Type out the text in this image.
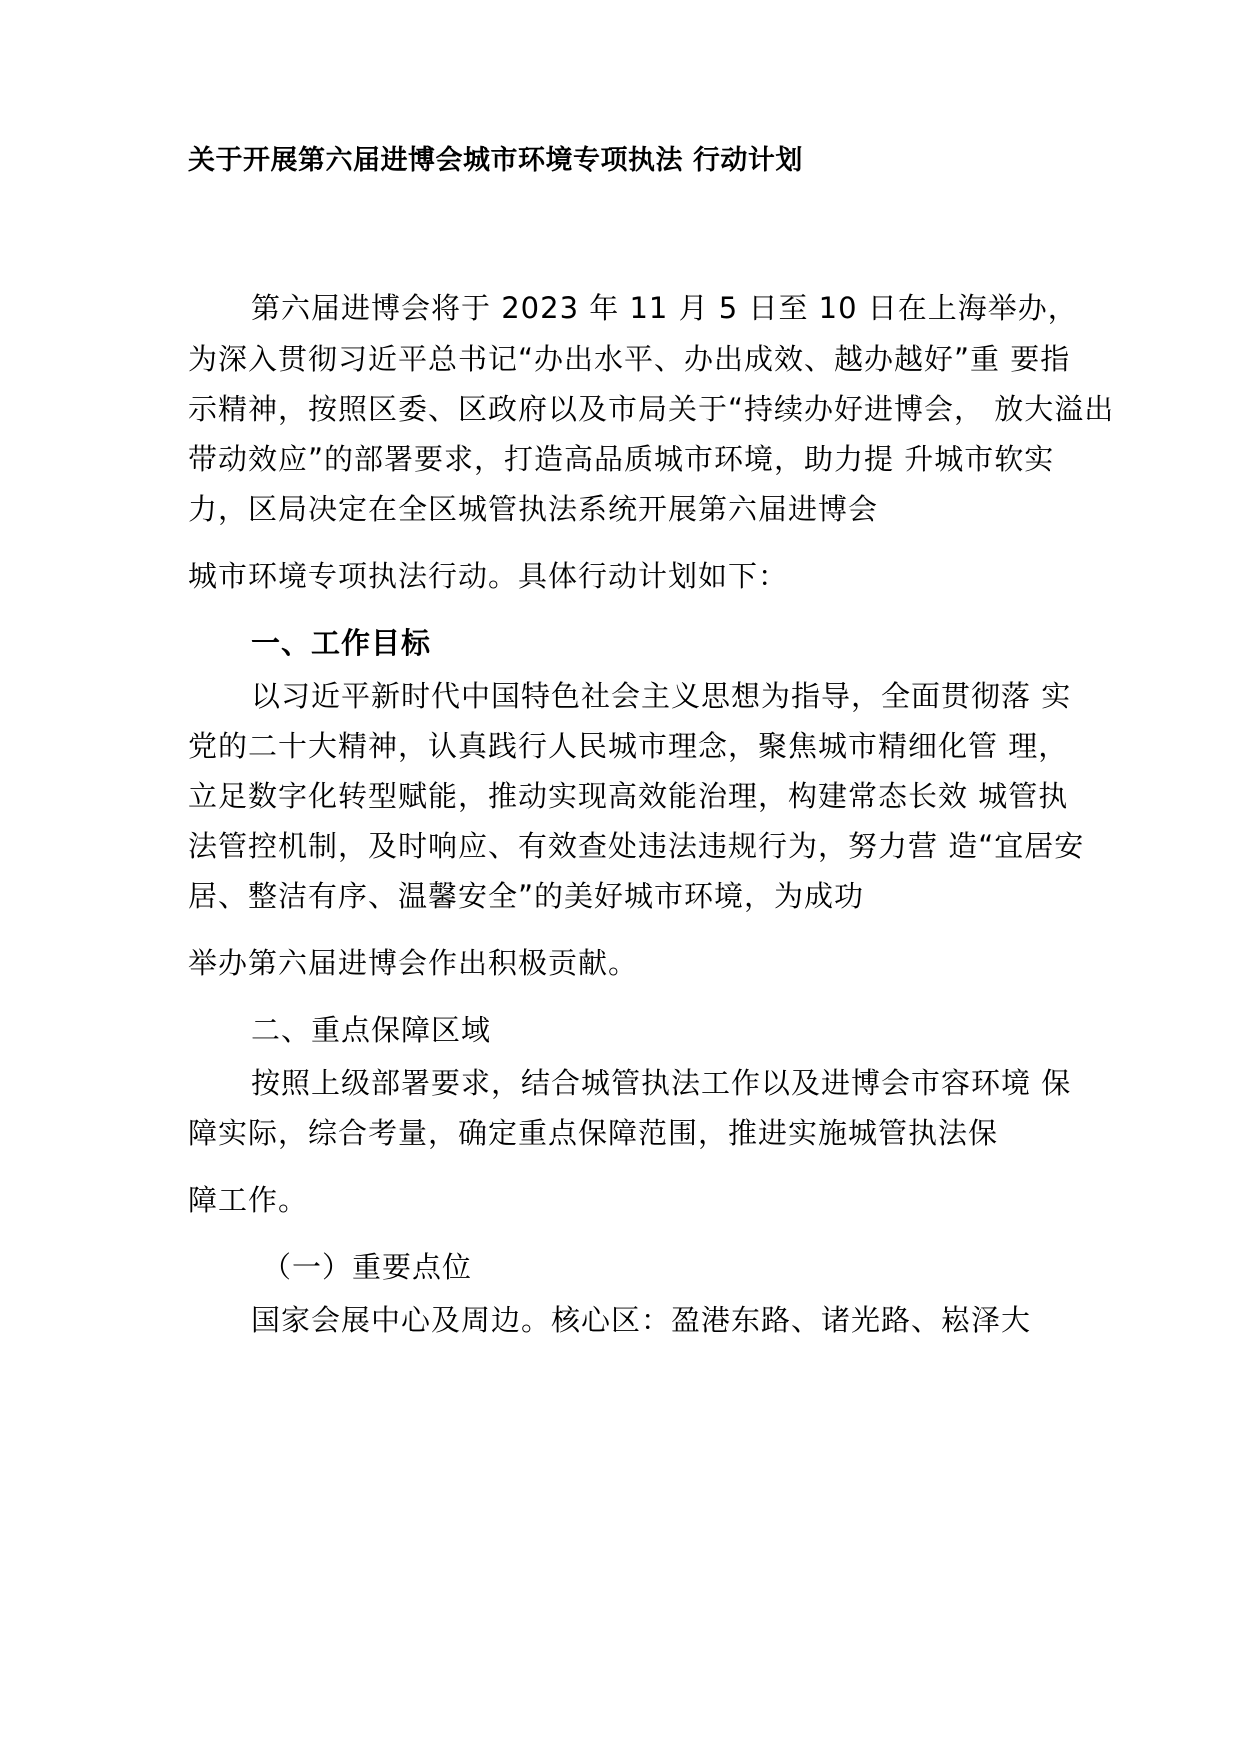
关于开展第六届进博会城市环境专项执法 行动计划
第六届进博会将于 2023 年 11 月 5 日至 10 日在上海举办，
为深入贯彻习近平总书记“办出水平、办出成效、越办越好”重 要指
示精神，按照区委、区政府以及市局关于“持续办好进博会， 放大溢出
带动效应”的部署要求，打造高品质城市环境，助力提 升城市软实
力，区局决定在全区城管执法系统开展第六届进博会
城市环境专项执法行动。具体行动计划如下：
一、工作目标
以习近平新时代中国特色社会主义思想为指导，全面贯彻落 实
党的二十大精神，认真践行人民城市理念，聚焦城市精细化管 理，
立足数字化转型赋能，推动实现高效能治理，构建常态长效 城管执
法管控机制，及时响应、有效查处违法违规行为，努力营 造“宜居安
居、整洁有序、温馨安全”的美好城市环境，为成功
举办第六届进博会作出积极贡献。
二、重点保障区域
按照上级部署要求，结合城管执法工作以及进博会市容环境 保
障实际，综合考量，确定重点保障范围，推进实施城管执法保
障工作。
（一）重要点位
国家会展中心及周边。核心区：盈港东路、诸光路、崧泽大
